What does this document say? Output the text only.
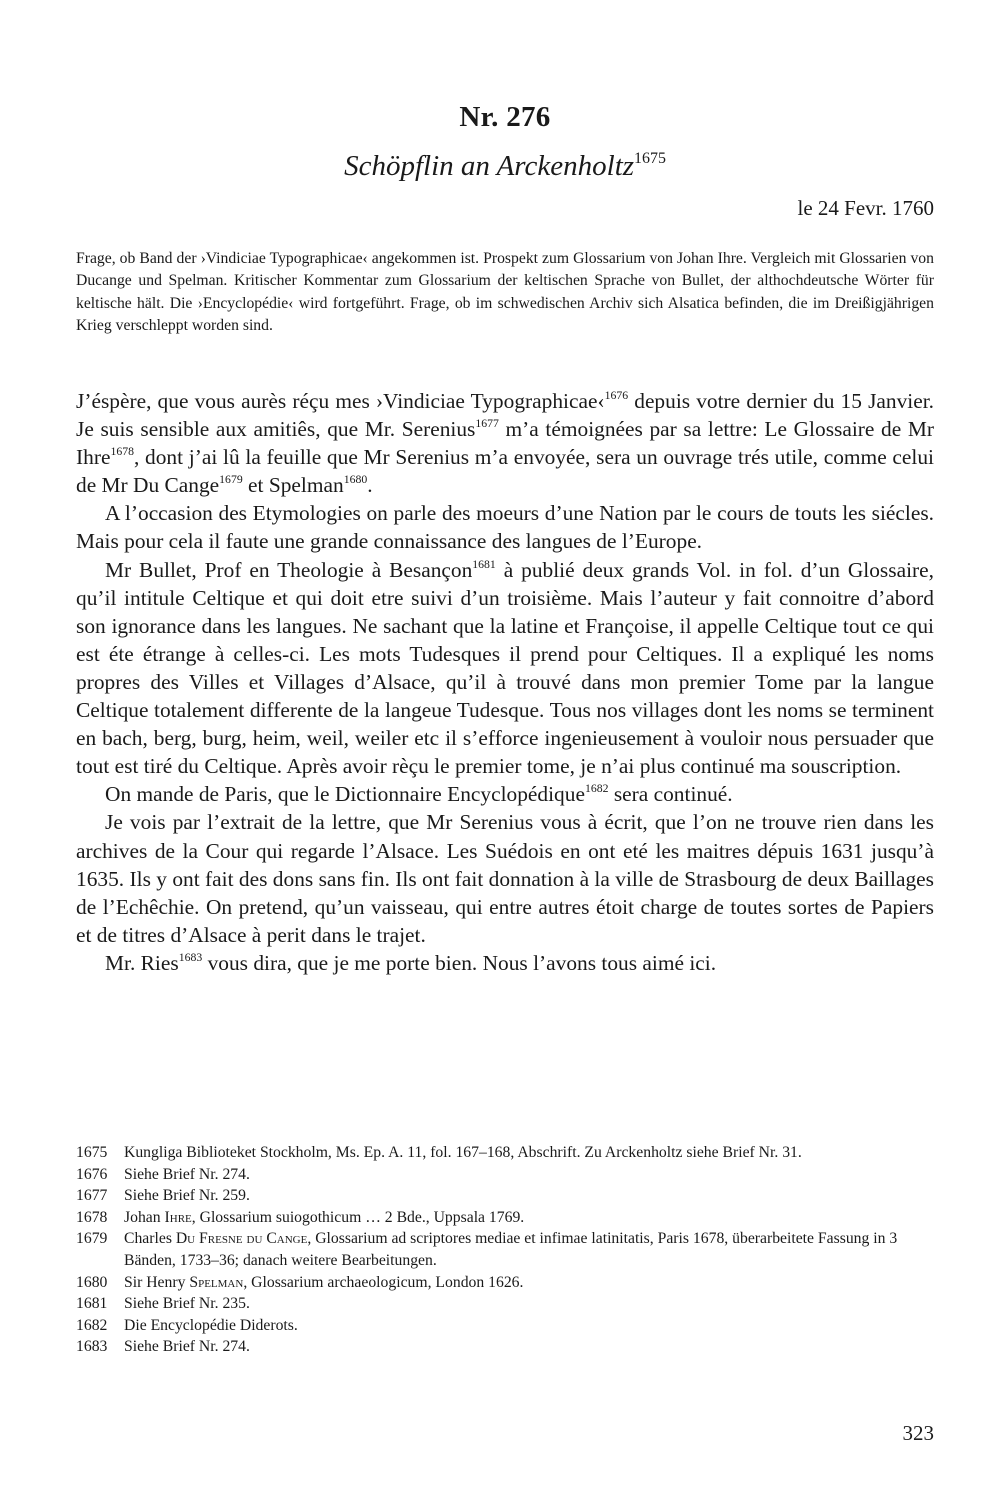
Nr. 276
Schöpflin an Arckenholtz$^{1675}$
le 24 Fevr. 1760
Frage, ob Band der ›Vindiciae Typographicae‹ angekommen ist. Prospekt zum Glossarium von Johan Ihre. Vergleich mit Glossarien von Ducange und Spelman. Kritischer Kommentar zum Glossarium der keltischen Sprache von Bullet, der althochdeutsche Wörter für keltische hält. Die ›Encyclopédie‹ wird fortgeführt. Frage, ob im schwedischen Archiv sich Alsatica befinden, die im Dreißigjährigen Krieg verschleppt worden sind.

J’éspère, que vous aurès réçu mes ›Vindiciae Typographicae‹$^{1676}$ depuis votre dernier du 15 Janvier. Je suis sensible aux amitiês, que Mr. Serenius$^{1677}$ m’a témoignées par sa lettre: Le Glossaire de Mr Ihre$^{1678}$, dont j’ai lû la feuille que Mr Serenius m’a envoyée, sera un ouvrage trés utile, comme celui de Mr Du Cange$^{1679}$ et Spelman$^{1680}$.

A l’occasion des Etymologies on parle des moeurs d’une Nation par le cours de touts les siécles. Mais pour cela il faute une grande connaissance des langues de l’Europe.

Mr Bullet, Prof en Theologie à Besançon$^{1681}$ à publié deux grands Vol. in fol. d’un Glossaire, qu’il intitule Celtique et qui doit etre suivi d’un troisième. Mais l’auteur y fait connoitre d’abord son ignorance dans les langues. Ne sachant que la latine et Françoise, il appelle Celtique tout ce qui est éte étrange à celles-ci. Les mots Tudesques il prend pour Celtiques. Il a expliqué les noms propres des Villes et Villages d’Alsace, qu’il à trouvé dans mon premier Tome par la langue Celtique totalement differente de la langeue Tudesque. Tous nos villages dont les noms se terminent en bach, berg, burg, heim, weil, weiler etc il s’efforce ingenieusement à vouloir nous persuader que tout est tiré du Celtique. Après avoir rèçu le premier tome, je n’ai plus continué ma souscription.

On mande de Paris, que le Dictionnaire Encyclopédique$^{1682}$ sera continué.

Je vois par l’extrait de la lettre, que Mr Serenius vous à écrit, que l’on ne trouve rien dans les archives de la Cour qui regarde l’Alsace. Les Suédois en ont eté les maitres dépuis 1631 jusqu’à 1635. Ils y ont fait des dons sans fin. Ils ont fait donnation à la ville de Strasbourg de deux Baillages de l’Echêchie. On pretend, qu’un vaisseau, qui entre autres étoit charge de toutes sortes de Papiers et de titres d’Alsace à perit dans le trajet.

Mr. Ries$^{1683}$ vous dira, que je me porte bien. Nous l’avons tous aimé ici.

1675	Kungliga Biblioteket Stockholm, Ms. Ep. A. 11, fol. 167–168, Abschrift. Zu Arckenholtz siehe Brief Nr. 31.
1676	Siehe Brief Nr. 274.
1677	Siehe Brief Nr. 259.
1678	Johan Ihre, Glossarium suiogothicum … 2 Bde., Uppsala 1769.
1679	Charles Du Fresne du Cange, Glossarium ad scriptores mediae et infimae latinitatis, Paris 1678, überarbeitete Fassung in 3 Bänden, 1733–36; danach weitere Bearbeitungen.
1680	Sir Henry Spelman, Glossarium archaeologicum, London 1626.
1681	Siehe Brief Nr. 235.
1682	Die Encyclopédie Diderots.
1683	Siehe Brief Nr. 274.
323
